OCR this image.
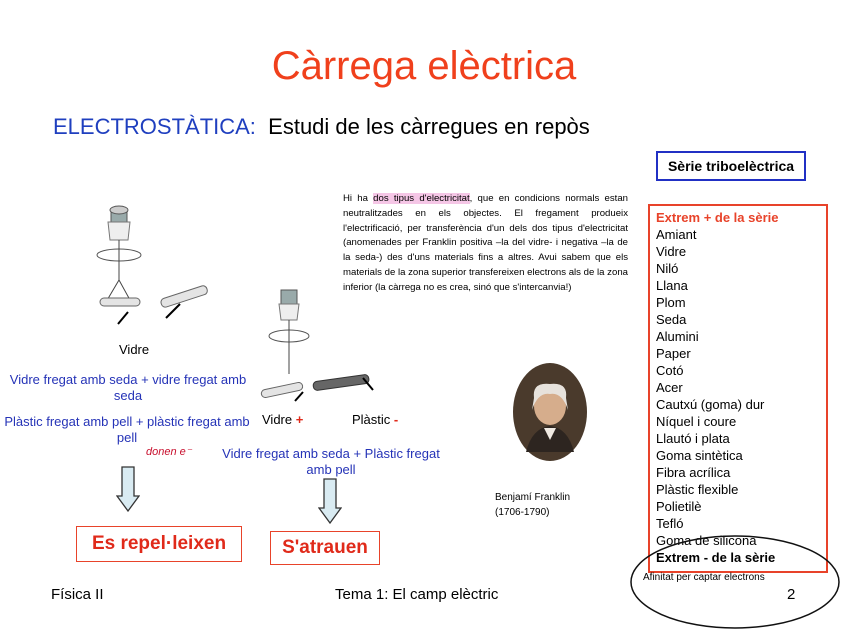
Càrrega elèctrica
ELECTROSTÀTICA: Estudi de les càrregues en repòs
Hi ha dos tipus d'electricitat, que en condicions normals estan neutralitzades en els objectes. El fregament produeix l'electrificació, per transferència d'un dels dos tipus d'electricitat (anomenades per Franklin positiva –la del vidre- i negativa –la de la seda-) des d'uns materials fins a altres. Avui sabem que els materials de la zona superior transfereixen electrons als de la zona inferior (la càrrega no es crea, sinó que s'intercanvia!)
Vidre
Vidre +	Plàstic -
Vidre fregat amb seda + vidre fregat amb seda
Plàstic fregat amb pell + plàstic fregat amb pell
donen e⁻	Vidre fregat amb seda + Plàstic fregat amb pell
Es repel·leixen	S'atrauen
Benjamí Franklin
(1706-1790)
Sèrie triboelèctrica
Extrem + de la sèrie
Amiant
Vidre
Niló
Llana
Plom
Seda
Alumini
Paper
Cotó
Acer
Cautxú (goma) dur
Níquel i coure
Llautó i plata
Goma sintètica
Fibra acrílica
Plàstic flexible
Polietilè
Tefló
Goma de silicona
Extrem - de la sèrie
Afinitat per captar electrons
Física II	Tema 1: El camp elèctric	2
